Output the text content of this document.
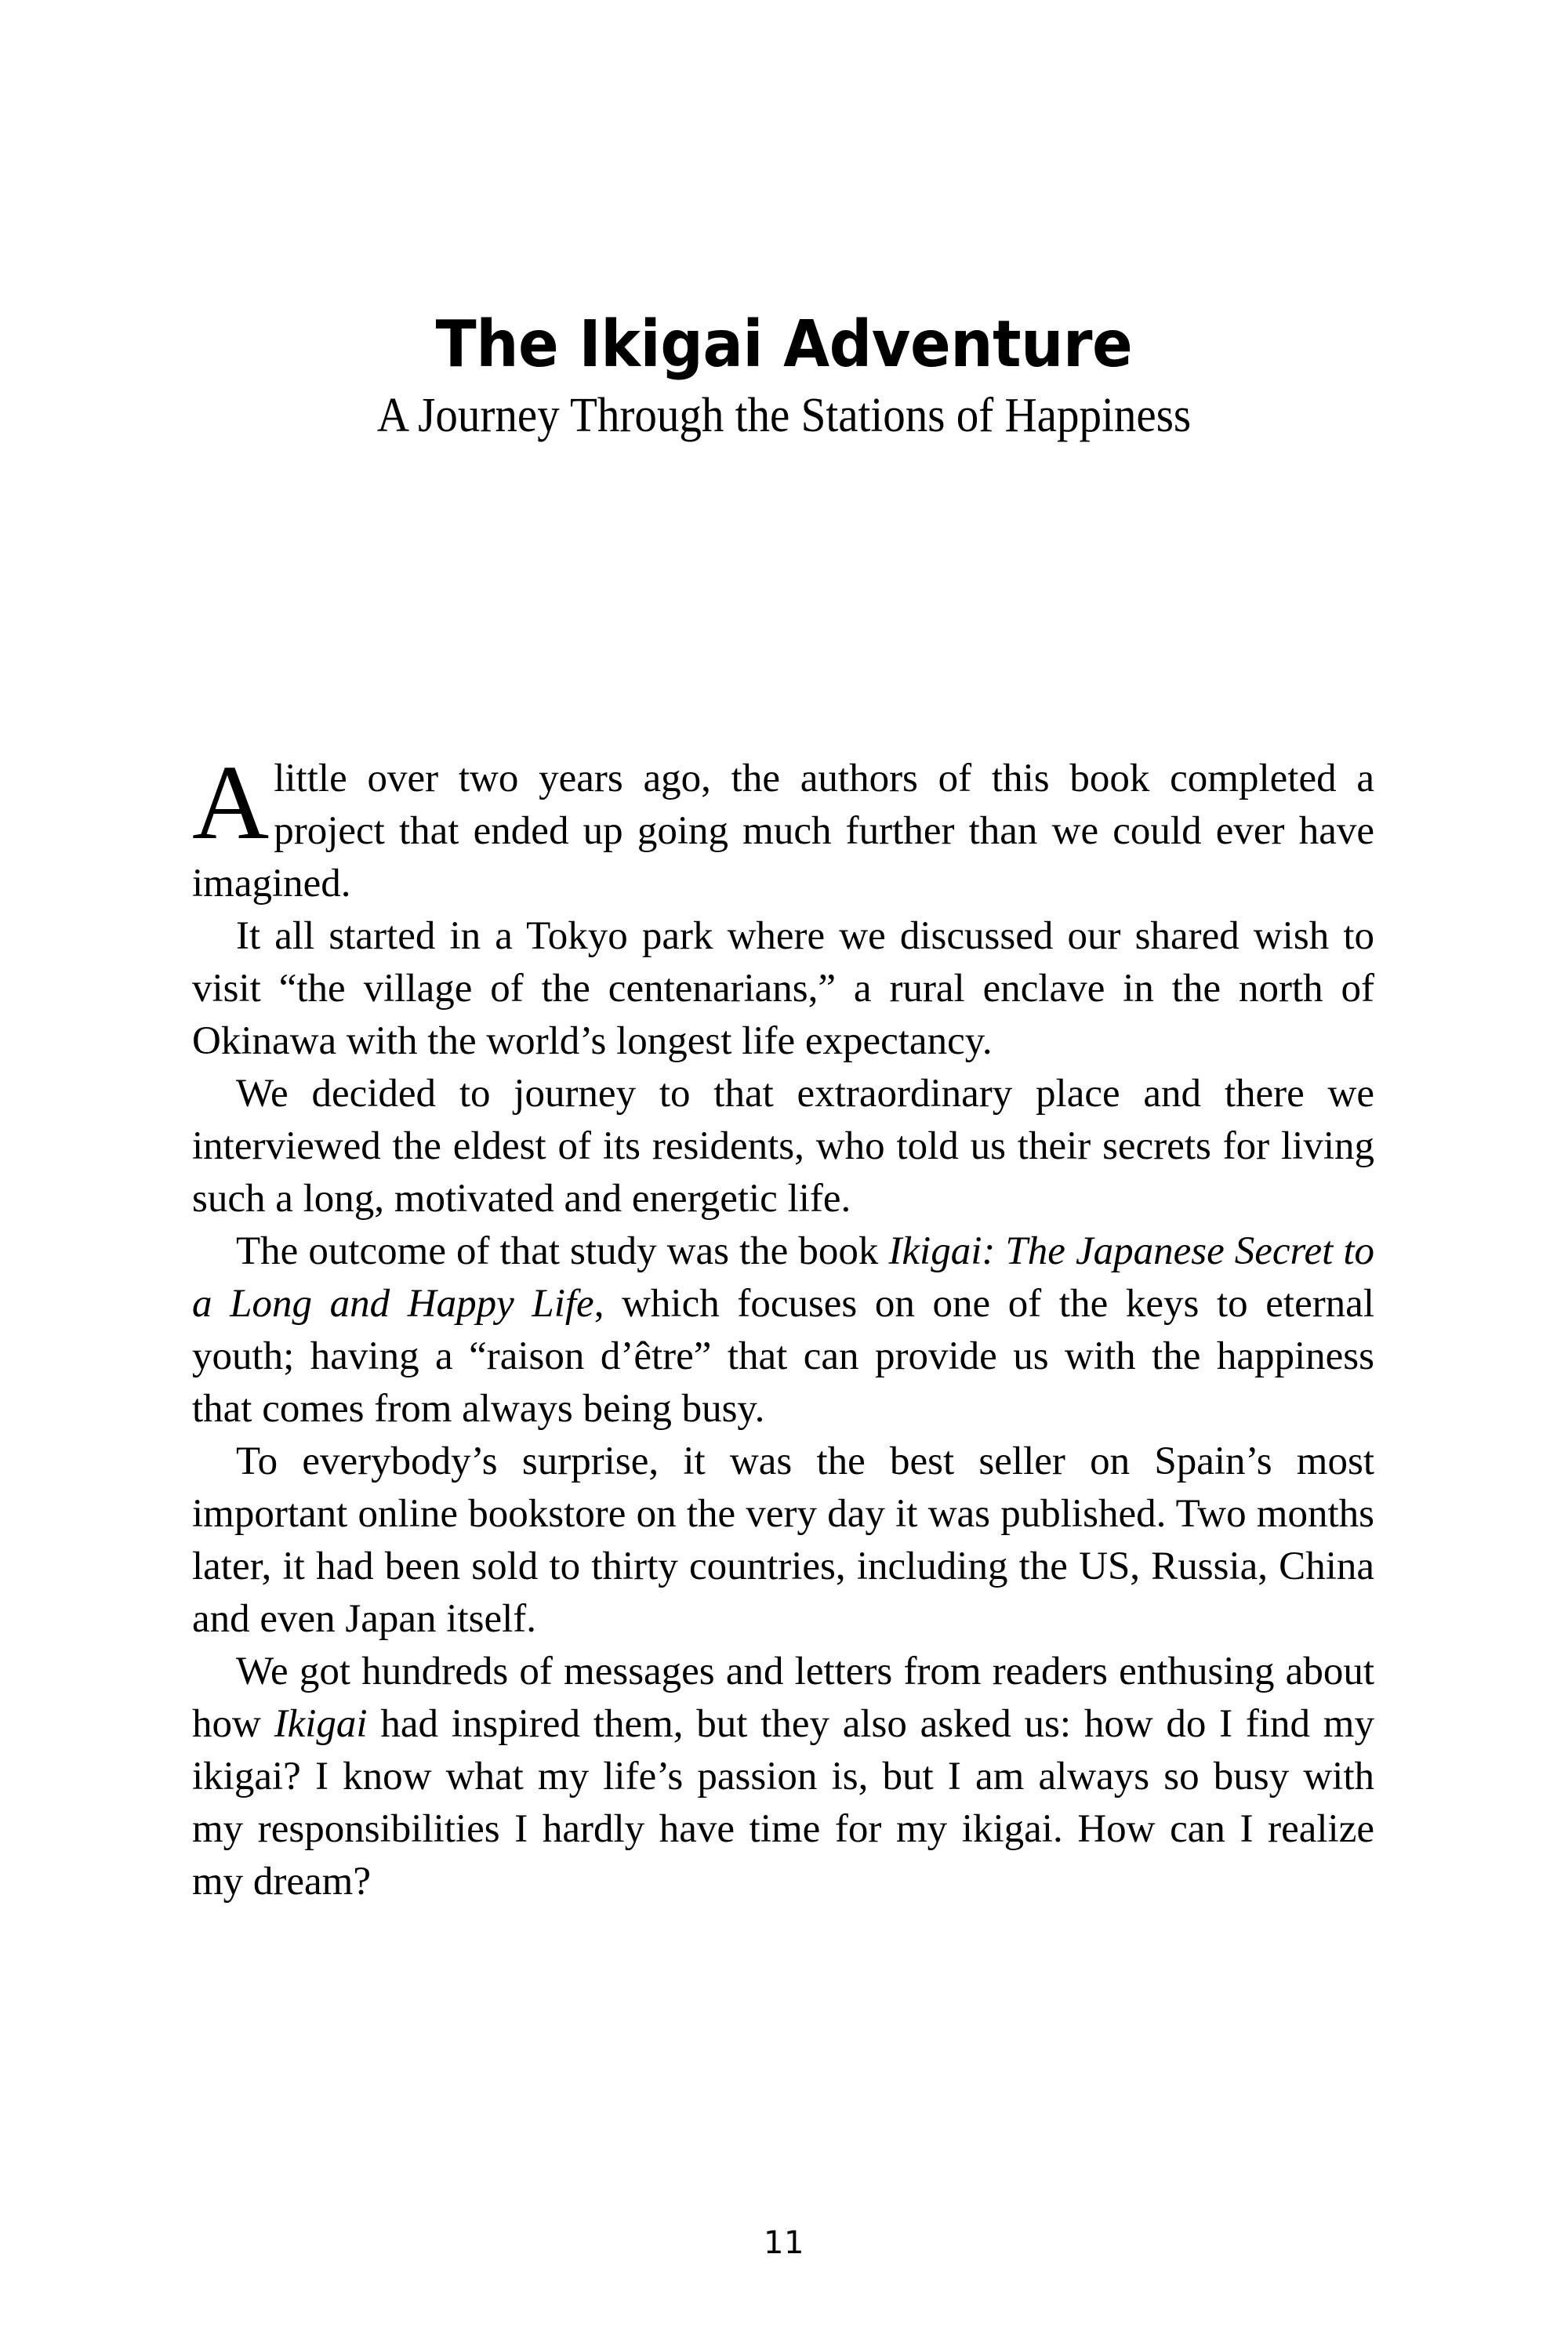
The Ikigai Adventure
A Journey Through the Stations of Happiness

Alittle over two years ago, the authors of this book completed a project that ended up going much further than we could ever have imagined.

It all started in a Tokyo park where we discussed our shared wish to visit “the village of the centenarians,” a rural enclave in the north of Okinawa with the world’s longest life expectancy.

We decided to journey to that extraordinary place and there we interviewed the eldest of its residents, who told us their secrets for living such a long, motivated and energetic life.

The outcome of that study was the book Ikigai: The Japanese Secret to a Long and Happy Life, which focuses on one of the keys to eternal youth; having a “raison d’être” that can provide us with the happiness that comes from always being busy.

To everybody’s surprise, it was the best seller on Spain’s most important online bookstore on the very day it was published. Two months later, it had been sold to thirty countries, including the US, Russia, China and even Japan itself.

We got hundreds of messages and letters from readers enthusing about how Ikigai had inspired them, but they also asked us: how do I find my ikigai? I know what my life’s passion is, but I am always so busy with my responsibilities I hardly have time for my ikigai. How can I realize my dream?

11
